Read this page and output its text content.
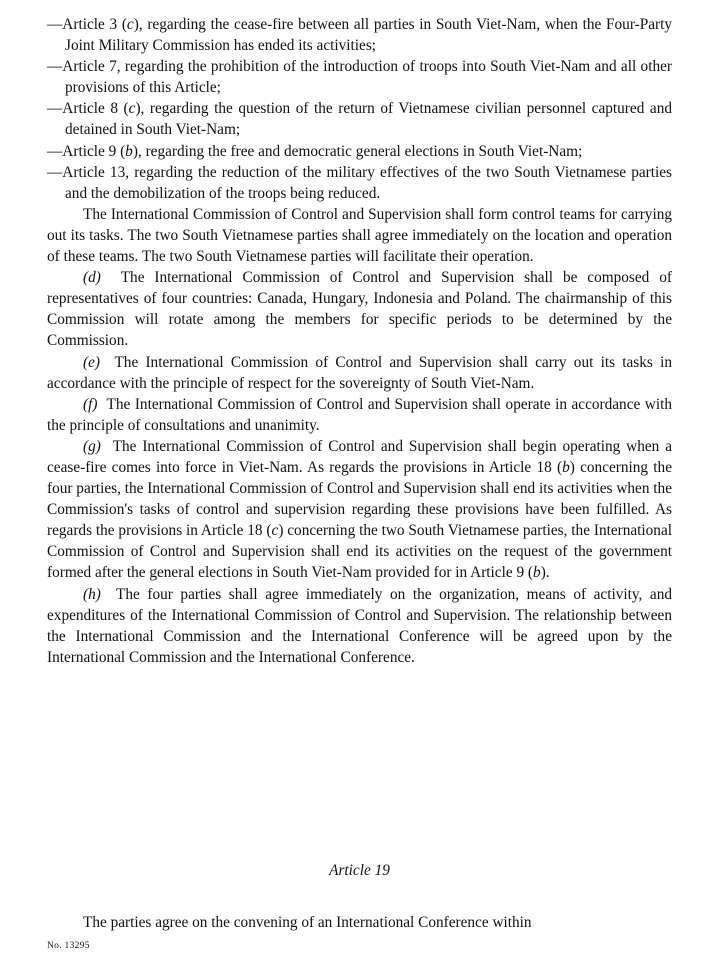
—Article 3 (c), regarding the cease-fire between all parties in South Viet-Nam, when the Four-Party Joint Military Commission has ended its activities;

—Article 7, regarding the prohibition of the introduction of troops into South Viet-Nam and all other provisions of this Article;

—Article 8 (c), regarding the question of the return of Vietnamese civilian personnel captured and detained in South Viet-Nam;

—Article 9 (b), regarding the free and democratic general elections in South Viet-Nam;

—Article 13, regarding the reduction of the military effectives of the two South Vietnamese parties and the demobilization of the troops being reduced.

The International Commission of Control and Supervision shall form control teams for carrying out its tasks. The two South Vietnamese parties shall agree immediately on the location and operation of these teams. The two South Vietnamese parties will facilitate their operation.

(d) The International Commission of Control and Supervision shall be composed of representatives of four countries: Canada, Hungary, Indonesia and Poland. The chairmanship of this Commission will rotate among the members for specific periods to be determined by the Commission.

(e) The International Commission of Control and Supervision shall carry out its tasks in accordance with the principle of respect for the sovereignty of South Viet-Nam.

(f) The International Commission of Control and Supervision shall operate in accordance with the principle of consultations and unanimity.

(g) The International Commission of Control and Supervision shall begin operating when a cease-fire comes into force in Viet-Nam. As regards the provisions in Article 18 (b) concerning the four parties, the International Commission of Control and Supervision shall end its activities when the Commission's tasks of control and supervision regarding these provisions have been fulfilled. As regards the provisions in Article 18 (c) concerning the two South Vietnamese parties, the International Commission of Control and Supervision shall end its activities on the request of the government formed after the general elections in South Viet-Nam provided for in Article 9 (b).

(h) The four parties shall agree immediately on the organization, means of activity, and expenditures of the International Commission of Control and Supervision. The relationship between the International Commission and the International Conference will be agreed upon by the International Commission and the International Conference.

Article 19

The parties agree on the convening of an International Conference within

No. 13295
